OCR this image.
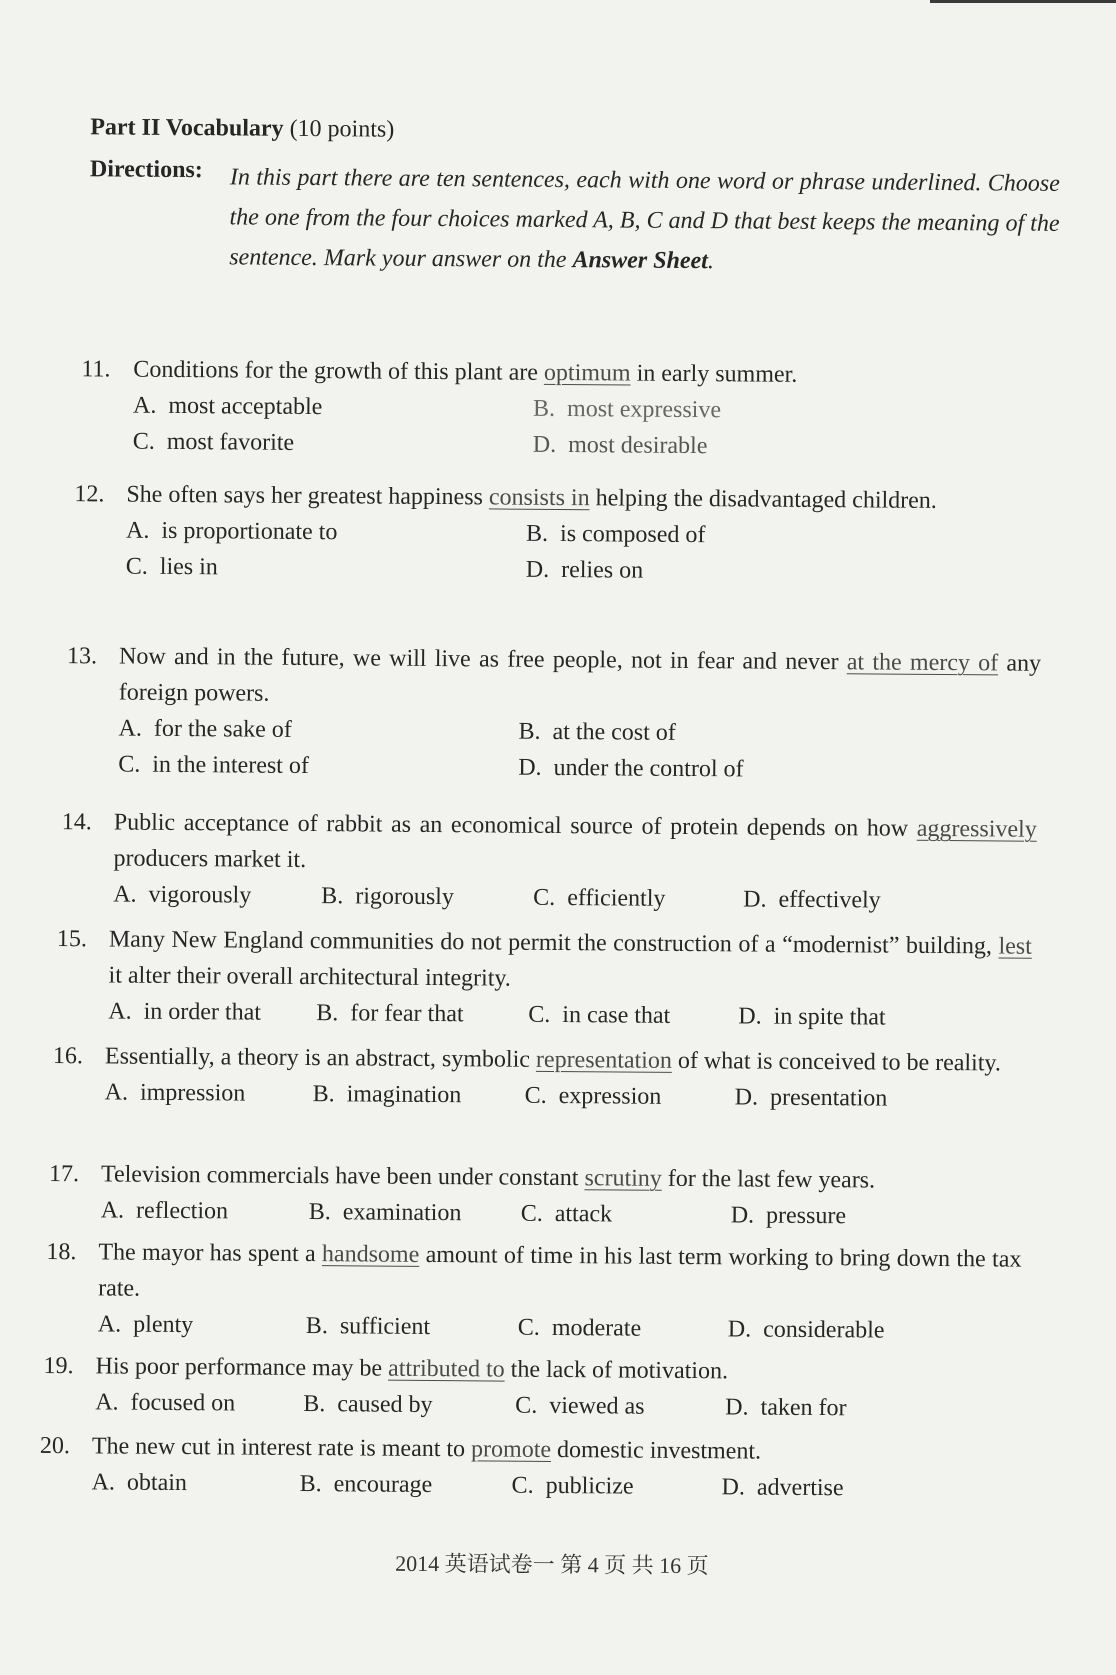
Part II Vocabulary (10 points)
Directions: In this part there are ten sentences, each with one word or phrase underlined. Choose the one from the four choices marked A, B, C and D that best keeps the meaning of the sentence. Mark your answer on the Answer Sheet.
11. Conditions for the growth of this plant are optimum in early summer.
A. most acceptable	B. most expressive
C. most favorite	D. most desirable
12. She often says her greatest happiness consists in helping the disadvantaged children.
A. is proportionate to	B. is composed of
C. lies in	D. relies on
13. Now and in the future, we will live as free people, not in fear and never at the mercy of any foreign powers.
A. for the sake of	B. at the cost of
C. in the interest of	D. under the control of
14. Public acceptance of rabbit as an economical source of protein depends on how aggressively producers market it.
A. vigorously	B. rigorously	C. efficiently	D. effectively
15. Many New England communities do not permit the construction of a “modernist” building, lest it alter their overall architectural integrity.
A. in order that B. for fear that	C. in case that	D. in spite that
16. Essentially, a theory is an abstract, symbolic representation of what is conceived to be reality.
A. impression	B. imagination	C. expression	D. presentation
17. Television commercials have been under constant scrutiny for the last few years.
A. reflection	B. examination C. attack	D. pressure
18. The mayor has spent a handsome amount of time in his last term working to bring down the tax rate.
A. plenty	B. sufficient	C. moderate	D. considerable
19. His poor performance may be attributed to the lack of motivation.
A. focused on	B. caused by	C. viewed as	D. taken for
20. The new cut in interest rate is meant to promote domestic investment.
A. obtain	B. encourage	C. publicize	D. advertise
2014 英语试卷一 第 4 页 共 16 页
